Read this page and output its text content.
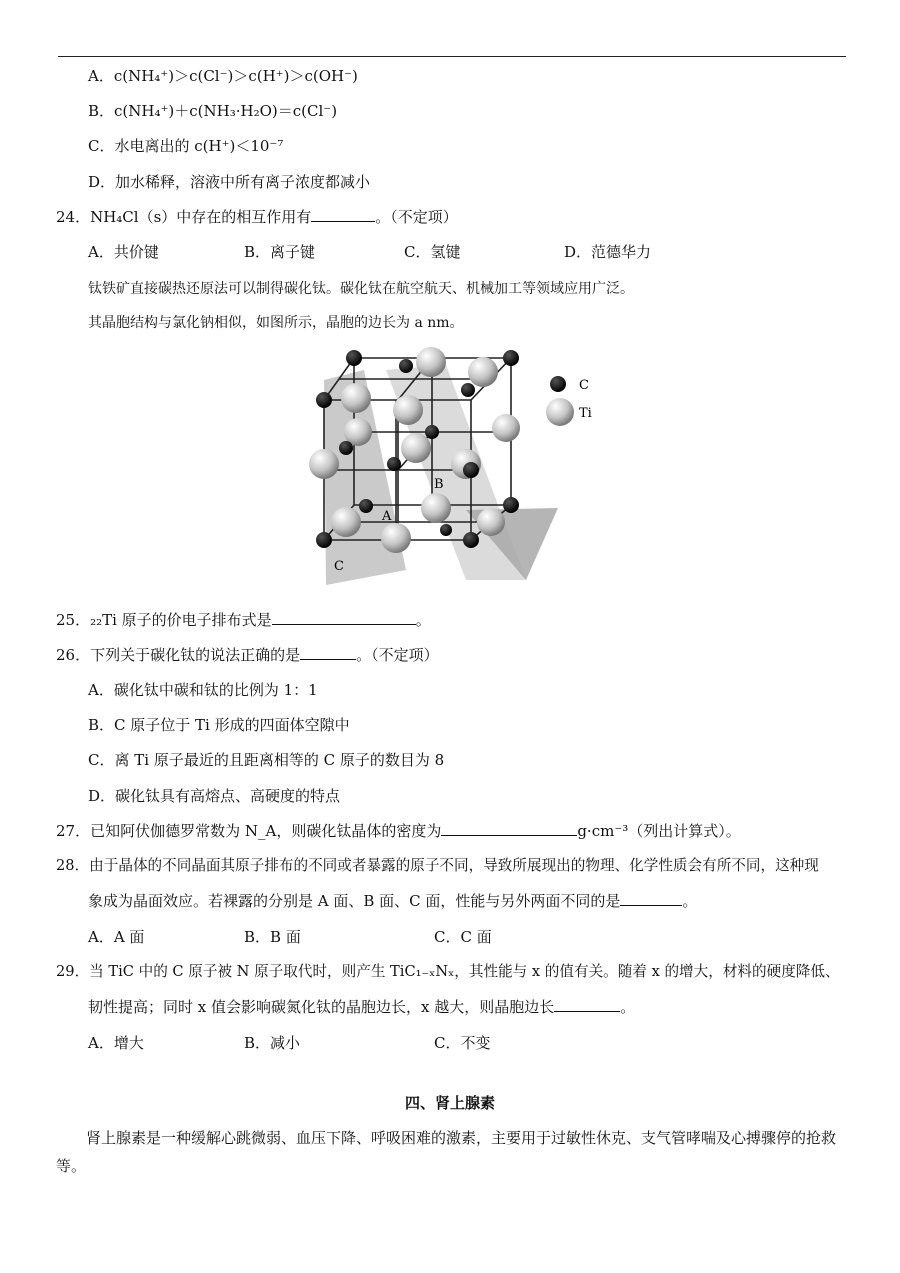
A．c(NH₄⁺)＞c(Cl⁻)＞c(H⁺)＞c(OH⁻)
B．c(NH₄⁺)＋c(NH₃·H₂O)＝c(Cl⁻)
C．水电离出的 c(H⁺)＜10⁻⁷
D．加水稀释，溶液中所有离子浓度都减小
24．NH₄Cl（s）中存在的相互作用有	。（不定项）
A．共价键	B．离子键	C．氢键	D．范德华力
钛铁矿直接碳热还原法可以制得碳化钛。碳化钛在航空航天、机械加工等领域应用广泛。
其晶胞结构与氯化钠相似，如图所示，晶胞的边长为 a nm。
B
A
C
C
Ti
25．₂₂Ti 原子的价电子排布式是	。
26．下列关于碳化钛的说法正确的是	。（不定项）
A．碳化钛中碳和钛的比例为 1：1
B．C 原子位于 Ti 形成的四面体空隙中
C．离 Ti 原子最近的且距离相等的 C 原子的数目为 8
D．碳化钛具有高熔点、高硬度的特点
27．已知阿伏伽德罗常数为 N_A，则碳化钛晶体的密度为	g·cm⁻³（列出计算式）。
28．由于晶体的不同晶面其原子排布的不同或者暴露的原子不同，导致所展现出的物理、化学性质会有所不同，这种现
象成为晶面效应。若裸露的分别是 A 面、B 面、C 面，性能与另外两面不同的是	。
A．A 面	B．B 面	C．C 面
29．当 TiC 中的 C 原子被 N 原子取代时，则产生 TiC₁₋ₓNₓ，其性能与 x 的值有关。随着 x 的增大，材料的硬度降低、
韧性提高；同时 x 值会影响碳氮化钛的晶胞边长，x 越大，则晶胞边长	。
A．增大	B．减小	C．不变
四、肾上腺素
肾上腺素是一种缓解心跳微弱、血压下降、呼吸困难的激素，主要用于过敏性休克、支气管哮喘及心搏骤停的抢救等。
